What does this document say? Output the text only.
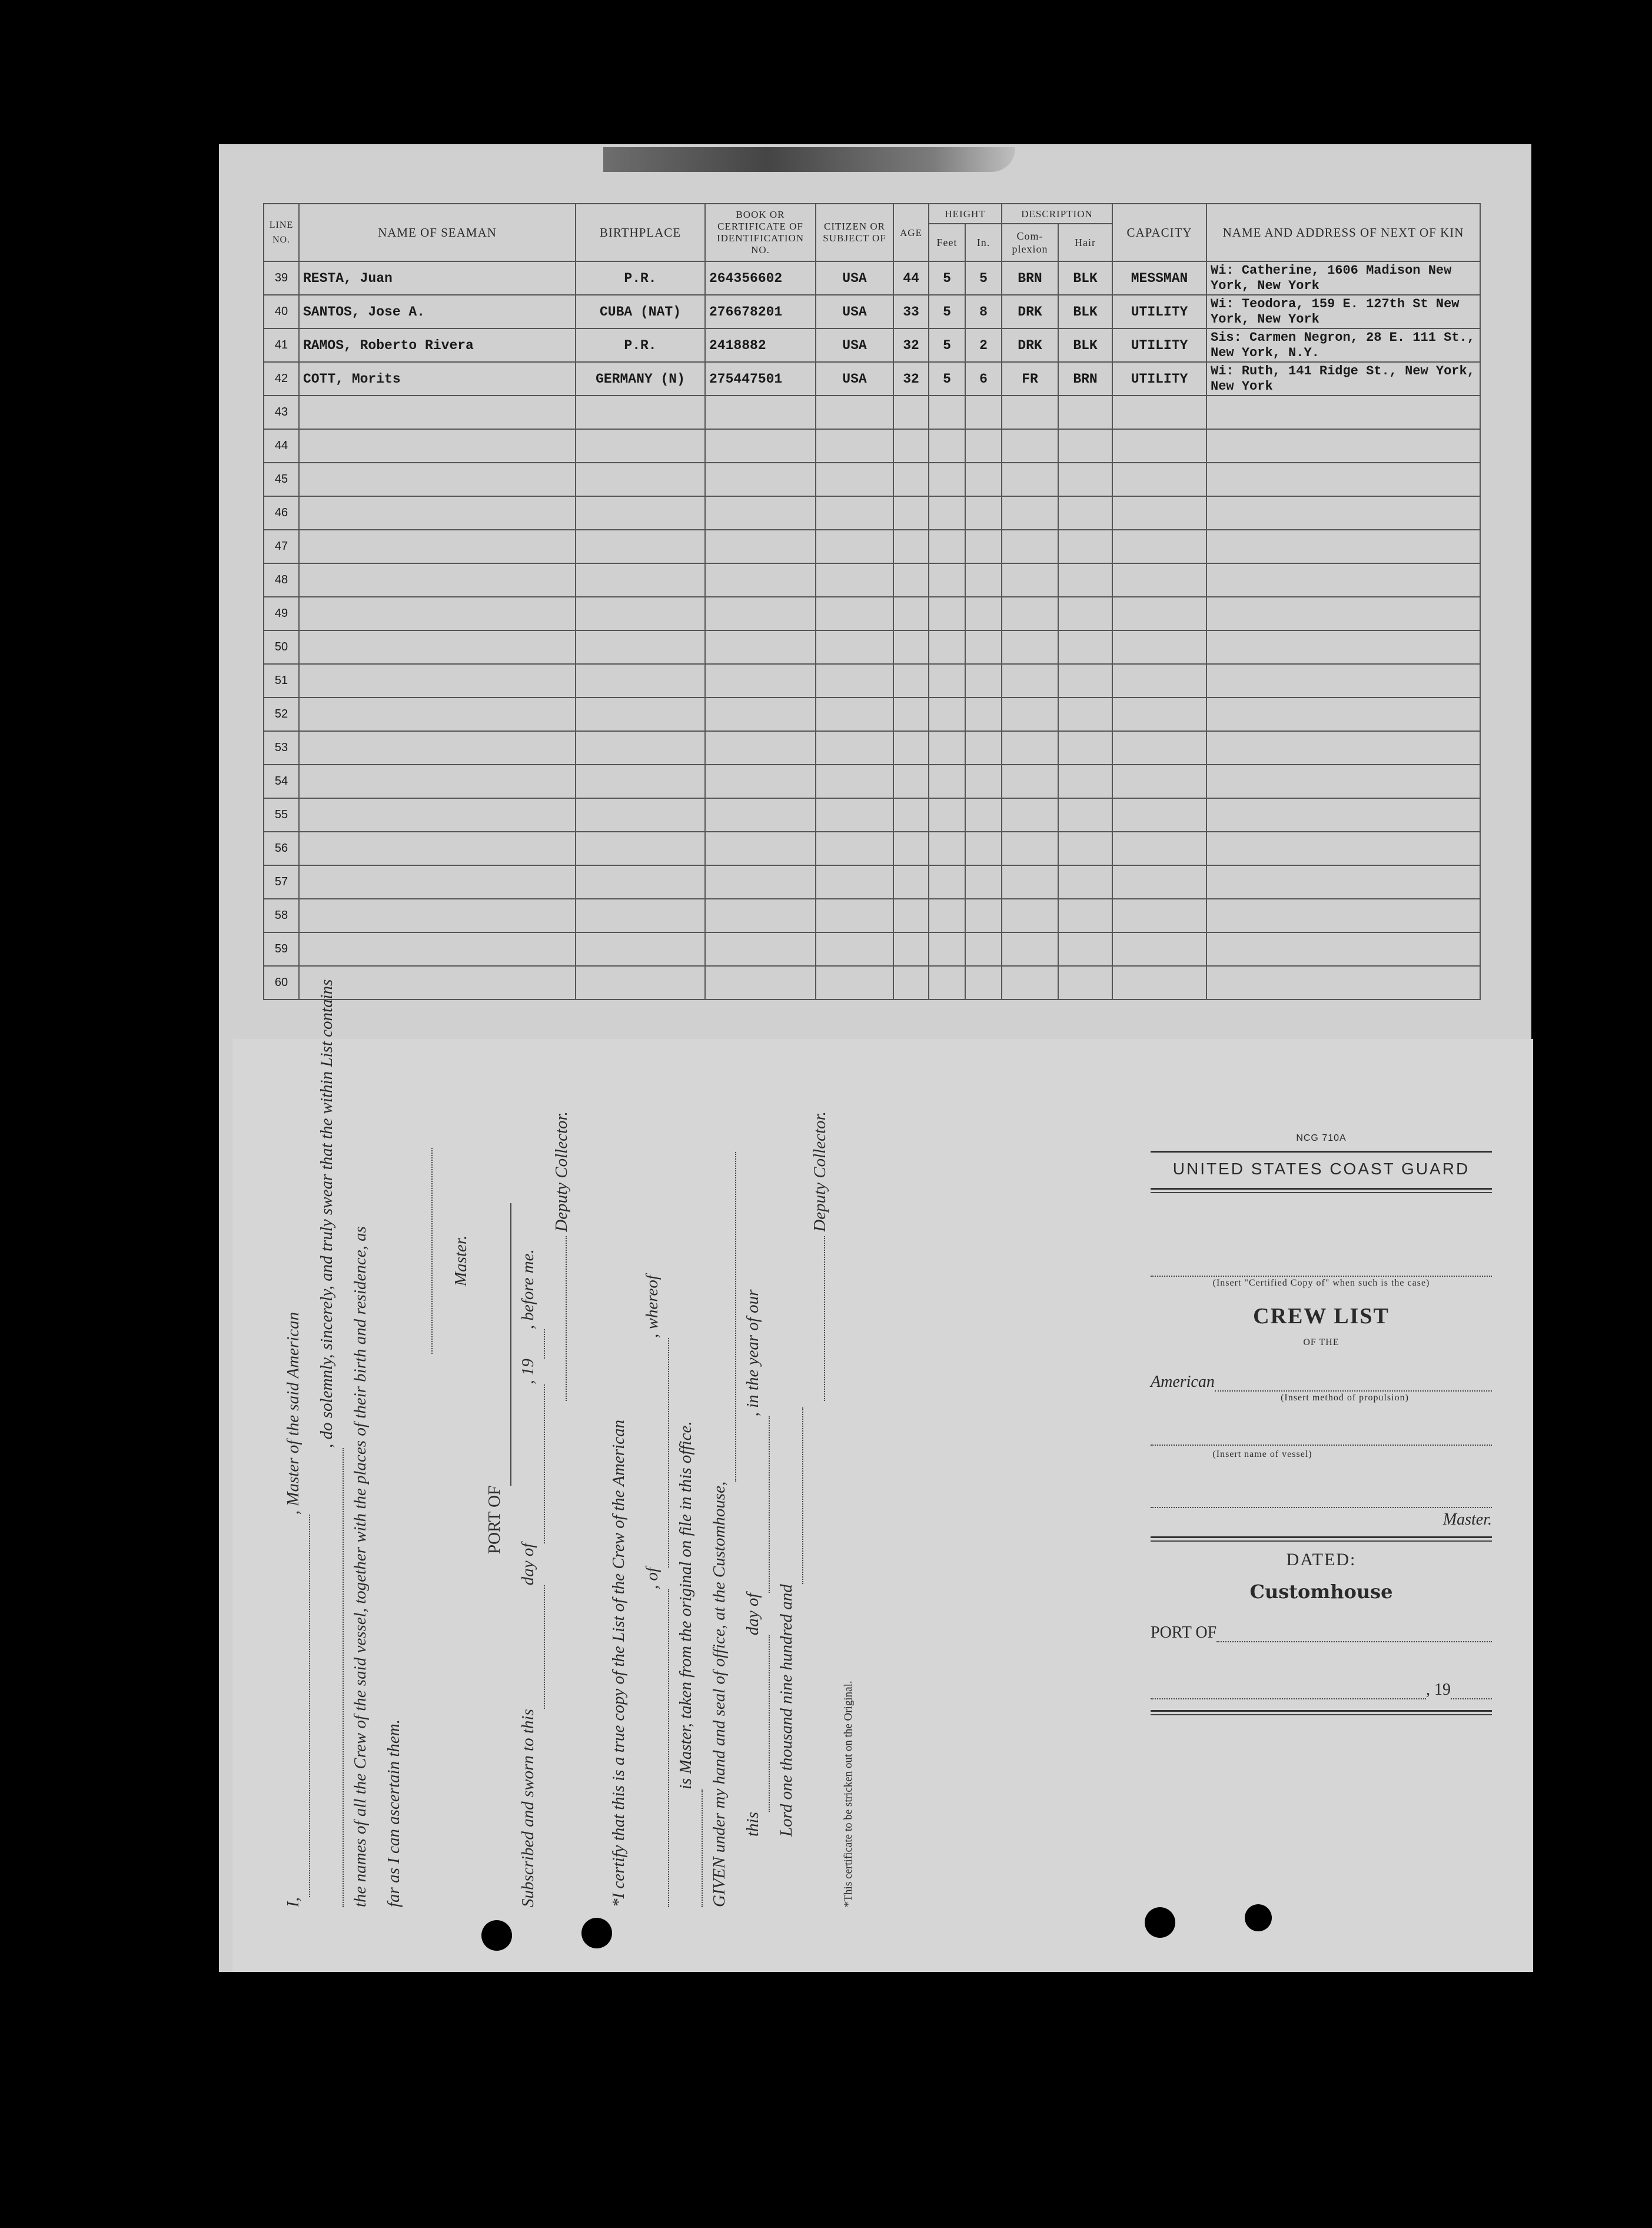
LINE NO.	NAME OF SEAMAN	BIRTHPLACE	BOOK OR CERTIFICATE OF IDENTIFICATION NO.	CITIZEN OR SUBJECT OF	AGE	HEIGHT		DESCRIPTION		CAPACITY	NAME AND ADDRESS OF NEXT OF KIN
						Feet	In.	Com-plexion	Hair		
39	RESTA, Juan	P.R.	264356602	USA	44	5	5	BRN	BLK	MESSMAN	Wi: Catherine, 1606 Madison New York, New York
40	SANTOS, Jose A.	CUBA (NAT)	276678201	USA	33	5	8	DRK	BLK	UTILITY	Wi: Teodora, 159 E. 127th St New York, New York
41	RAMOS, Roberto Rivera	P.R.	2418882	USA	32	5	2	DRK	BLK	UTILITY	Sis: Carmen Negron, 28 E. 111 St., New York, N.Y.
42	COTT, Morits	GERMANY (N)	275447501	USA	32	5	6	FR	BRN	UTILITY	Wi: Ruth, 141 Ridge St., New York, New York
43											
44											
45											
46											
47											
48											
49											
50											
51											
52											
53											
54											
55											
56											
57											
58											
59											
60											

I,, Master of the said American , do solemnly, sincerely, and truly swear that the within List contains

the names of all the Crew of the said vessel, together with the places of their birth and residence, as far as I can ascertain them.

Master.

PORT OF

Subscribed and sworn to thisday of, 19, before me.

Deputy Collector.

*I certify that this is a true copy of the List of the Crew of the American , of, whereof

is Master, taken from the original on file in this office. GIVEN under my hand and seal of office, at the Customhouse, thisday of, in the year of our

Lord one thousand nine hundred and

Deputy Collector.

*This certificate to be stricken out on the Original.

NCG 710A
UNITED STATES COAST GUARD
(Insert "Certified Copy of" when such is the case)
CREW LIST
OF THE
American
(Insert method of propulsion)
(Insert name of vessel)
Master.
DATED:
Customhouse
PORT OF
, 19
